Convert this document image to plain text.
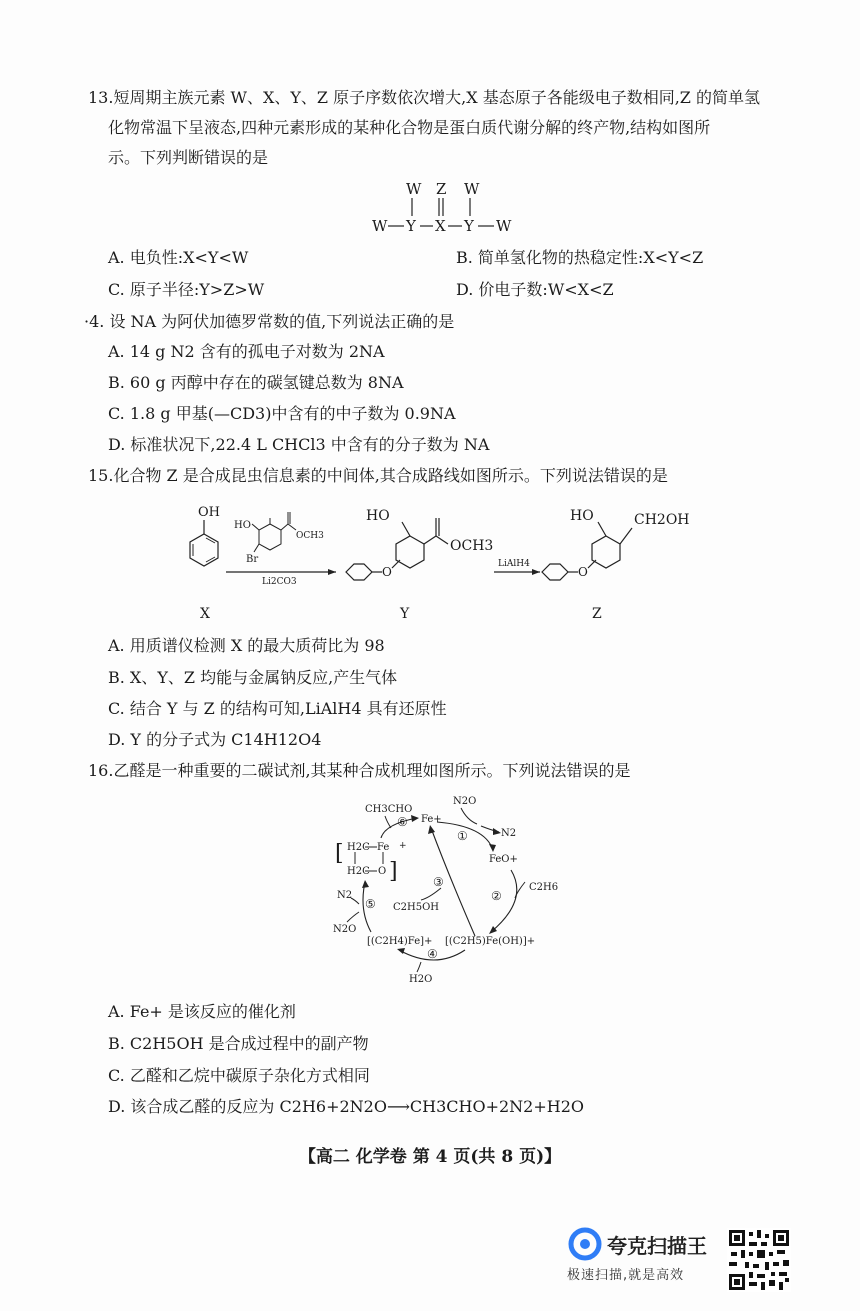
13.短周期主族元素 W、X、Y、Z 原子序数依次增大,X 基态原子各能级电子数相同,Z 的简单氢
化物常温下呈液态,四种元素形成的某种化合物是蛋白质代谢分解的终产物,结构如图所
示。下列判断错误的是
W Z W
W Y X Y W
A. 电负性:X<Y<W	B. 简单氢化物的热稳定性:X<Y<Z
C. 原子半径:Y>Z>W	D. 价电子数:W<X<Z
·4. 设 NA 为阿伏加德罗常数的值,下列说法正确的是
A. 14 g N2 含有的孤电子对数为 2NA
B. 60 g 丙醇中存在的碳氢键总数为 8NA
C. 1.8 g 甲基(—CD3)中含有的中子数为 0.9NA
D. 标准状况下,22.4 L CHCl3 中含有的分子数为 NA
15.化合物 Z 是合成昆虫信息素的中间体,其合成路线如图所示。下列说法错误的是
OH
X
HO
OCH3
Br
Li2CO3
O
HO
OCH3
Y
LiAlH4
O
HO	CH2OH
Z
A. 用质谱仪检测 X 的最大质荷比为 98
B. X、Y、Z 均能与金属钠反应,产生气体
C. 结合 Y 与 Z 的结构可知,LiAlH4 具有还原性
D. Y 的分子式为 C14H12O4
16.乙醛是一种重要的二碳试剂,其某种合成机理如图所示。下列说法错误的是
CH3CHO
Fe+
N2O
N2
FeO+
C2H6
[(C2H5)Fe(OH)]+
[(C2H4)Fe]+
H2O
N2O
N2
C2H5OH
[ H2C Fe
H2C O ]
+
①
②
③
④
⑤
⑥
A. Fe+ 是该反应的催化剂
B. C2H5OH 是合成过程中的副产物
C. 乙醛和乙烷中碳原子杂化方式相同
D. 该合成乙醛的反应为 C2H6+2N2O⟶CH3CHO+2N2+H2O
【高二 化学卷 第 4 页(共 8 页)】
夸克扫描王
极速扫描,就是高效
